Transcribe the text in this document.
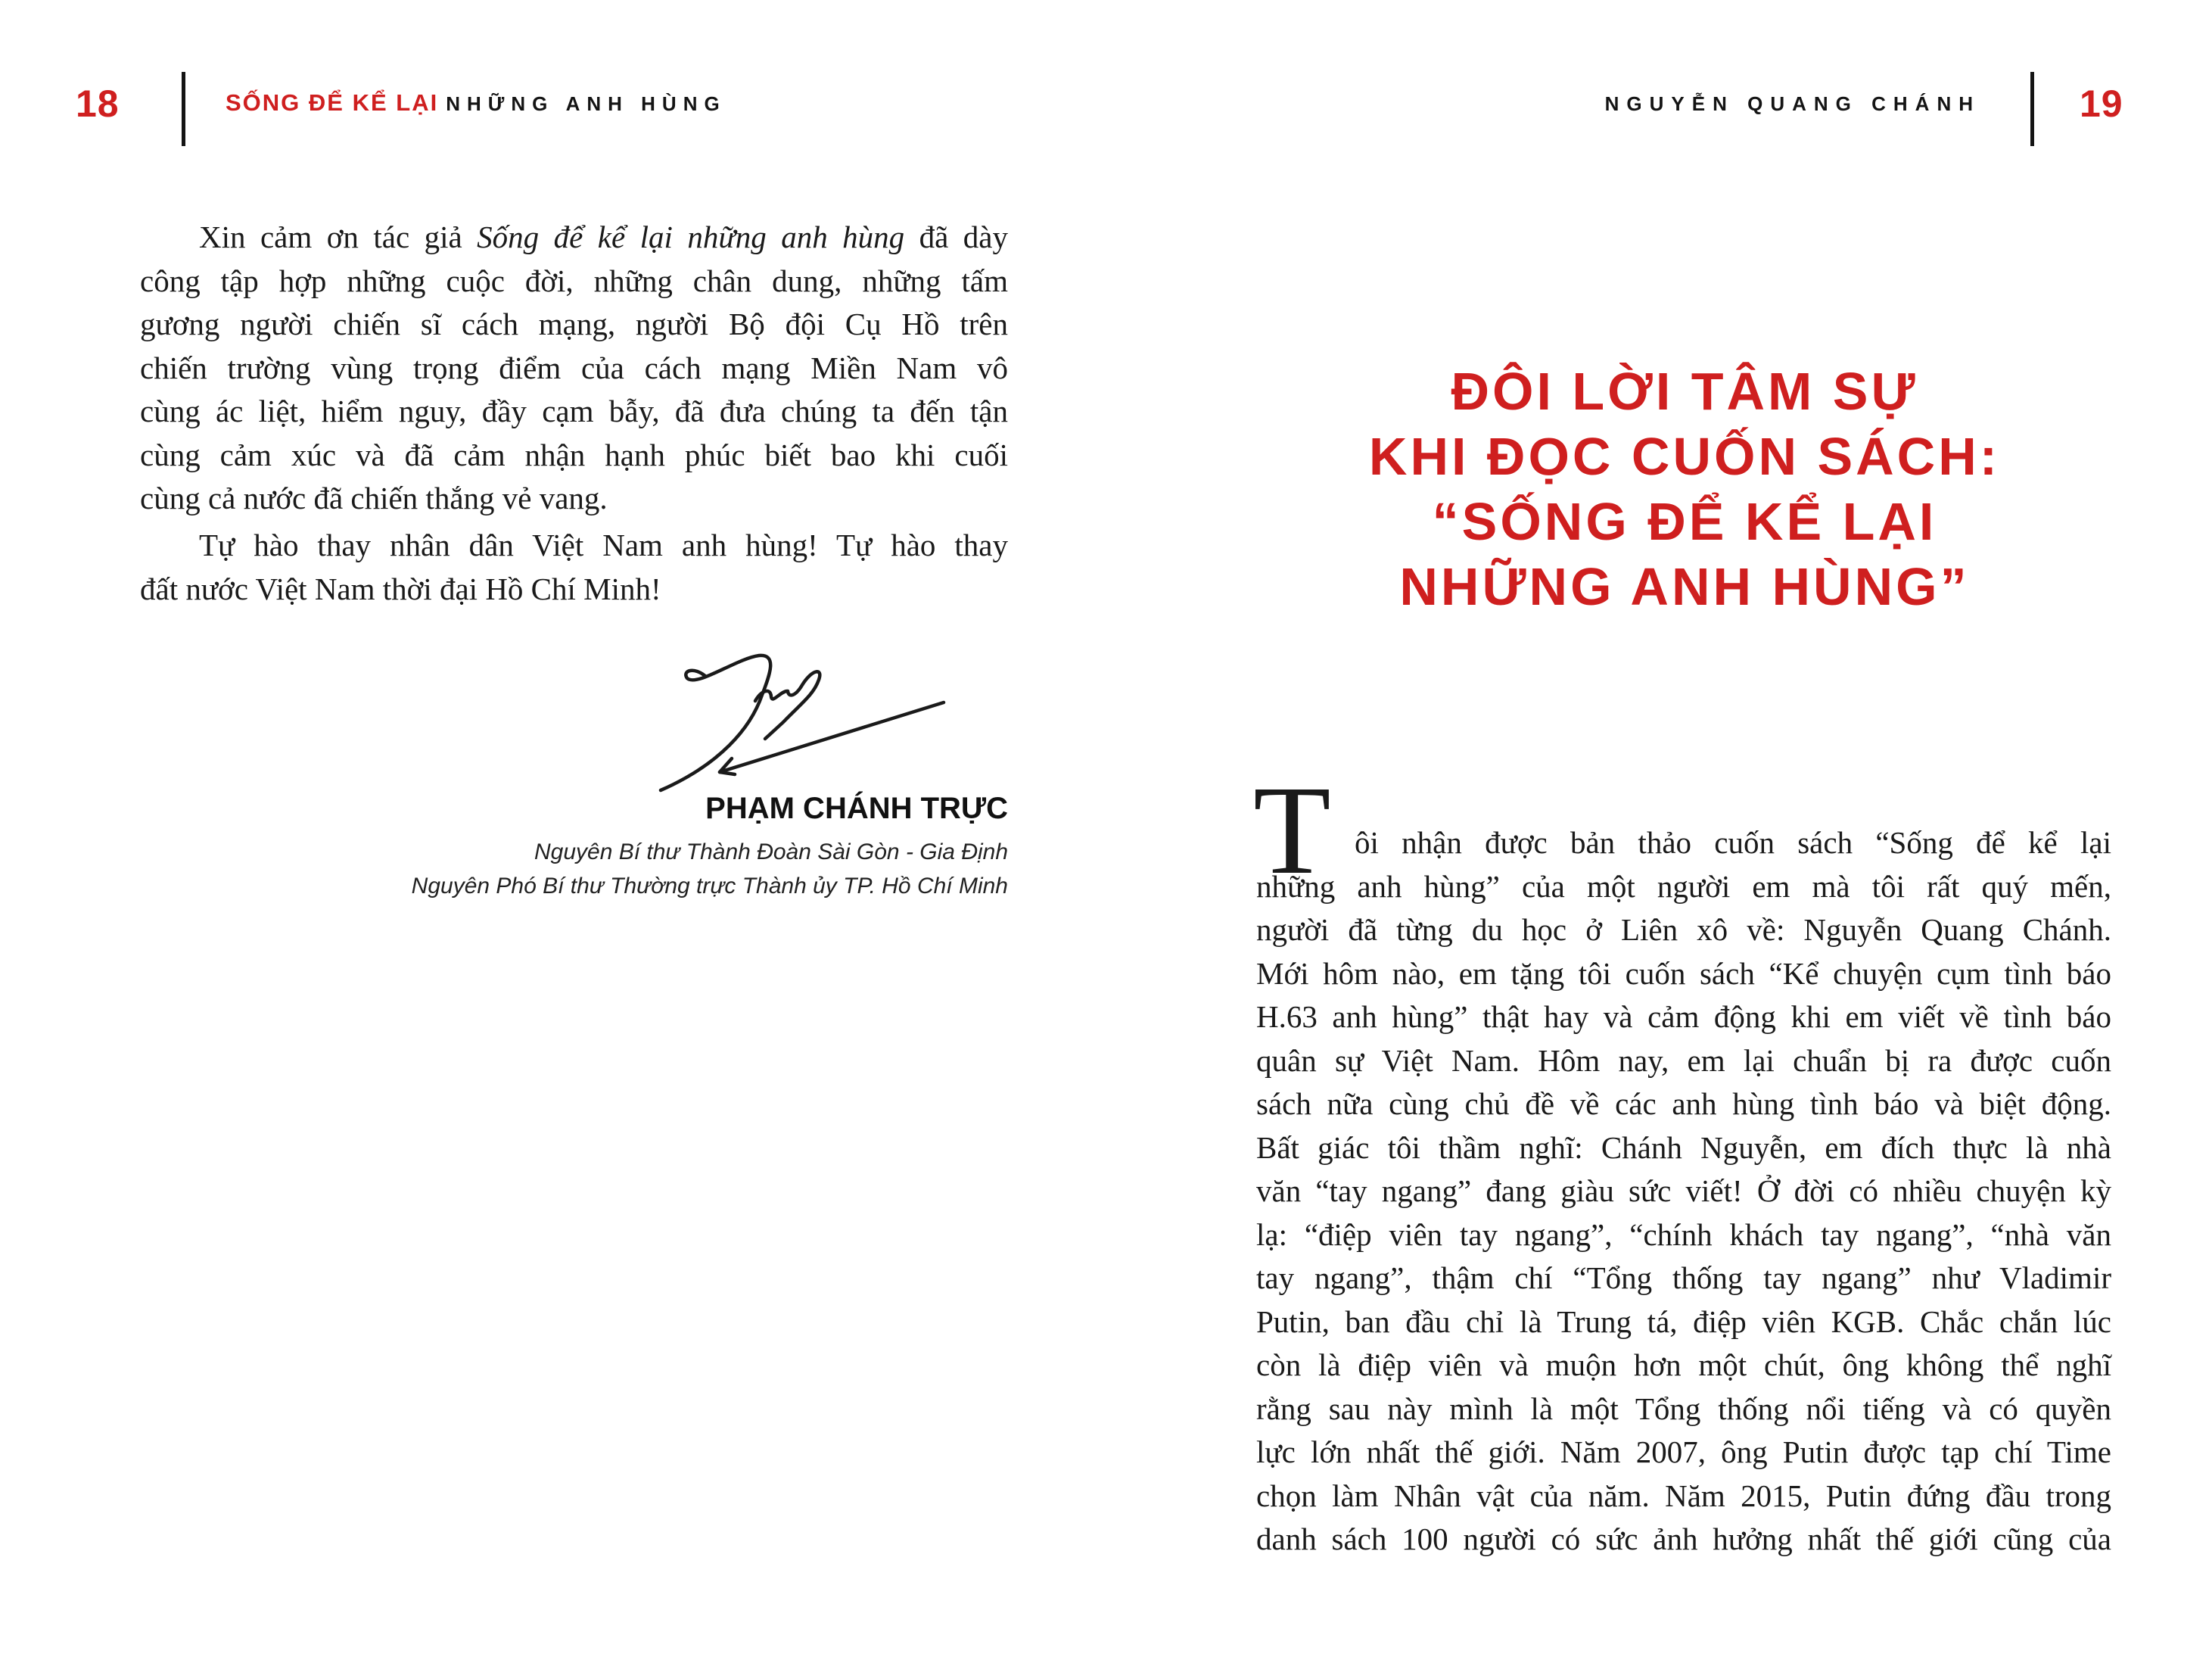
18	SỐNG ĐỂ KỂ LẠI NHỮNG ANH HÙNG	NGUYỄN QUANG CHÁNH	19
Xin cảm ơn tác giả Sống để kể lại những anh hùng đã dày
công tập hợp những cuộc đời, những chân dung, những tấm
gương người chiến sĩ cách mạng, người Bộ đội Cụ Hồ trên
chiến trường vùng trọng điểm của cách mạng Miền Nam vô
cùng ác liệt, hiểm nguy, đầy cạm bẫy, đã đưa chúng ta đến tận
cùng cảm xúc và đã cảm nhận hạnh phúc biết bao khi cuối
cùng cả nước đã chiến thắng vẻ vang.
Tự hào thay nhân dân Việt Nam anh hùng! Tự hào thay
đất nước Việt Nam thời đại Hồ Chí Minh!
PHẠM CHÁNH TRỰC
Nguyên Bí thư Thành Đoàn Sài Gòn - Gia Định
Nguyên Phó Bí thư Thường trực Thành ủy TP. Hồ Chí Minh
ĐÔI LỜI TÂM SỰ
KHI ĐỌC CUỐN SÁCH:
“SỐNG ĐỂ KỂ LẠI
NHỮNG ANH HÙNG”
T ôi nhận được bản thảo cuốn sách “Sống để kể lại
những anh hùng” của một người em mà tôi rất quý mến,
người đã từng du học ở Liên xô về: Nguyễn Quang Chánh.
Mới hôm nào, em tặng tôi cuốn sách “Kể chuyện cụm tình báo
H.63 anh hùng” thật hay và cảm động khi em viết về tình báo
quân sự Việt Nam. Hôm nay, em lại chuẩn bị ra được cuốn
sách nữa cùng chủ đề về các anh hùng tình báo và biệt động.
Bất giác tôi thầm nghĩ: Chánh Nguyễn, em đích thực là nhà
văn “tay ngang” đang giàu sức viết! Ở đời có nhiều chuyện kỳ
lạ: “điệp viên tay ngang”, “chính khách tay ngang”, “nhà văn
tay ngang”, thậm chí “Tổng thống tay ngang” như Vladimir
Putin, ban đầu chỉ là Trung tá, điệp viên KGB. Chắc chắn lúc
còn là điệp viên và muộn hơn một chút, ông không thể nghĩ
rằng sau này mình là một Tổng thống nổi tiếng và có quyền
lực lớn nhất thế giới. Năm 2007, ông Putin được tạp chí Time
chọn làm Nhân vật của năm. Năm 2015, Putin đứng đầu trong
danh sách 100 người có sức ảnh hưởng nhất thế giới cũng của
